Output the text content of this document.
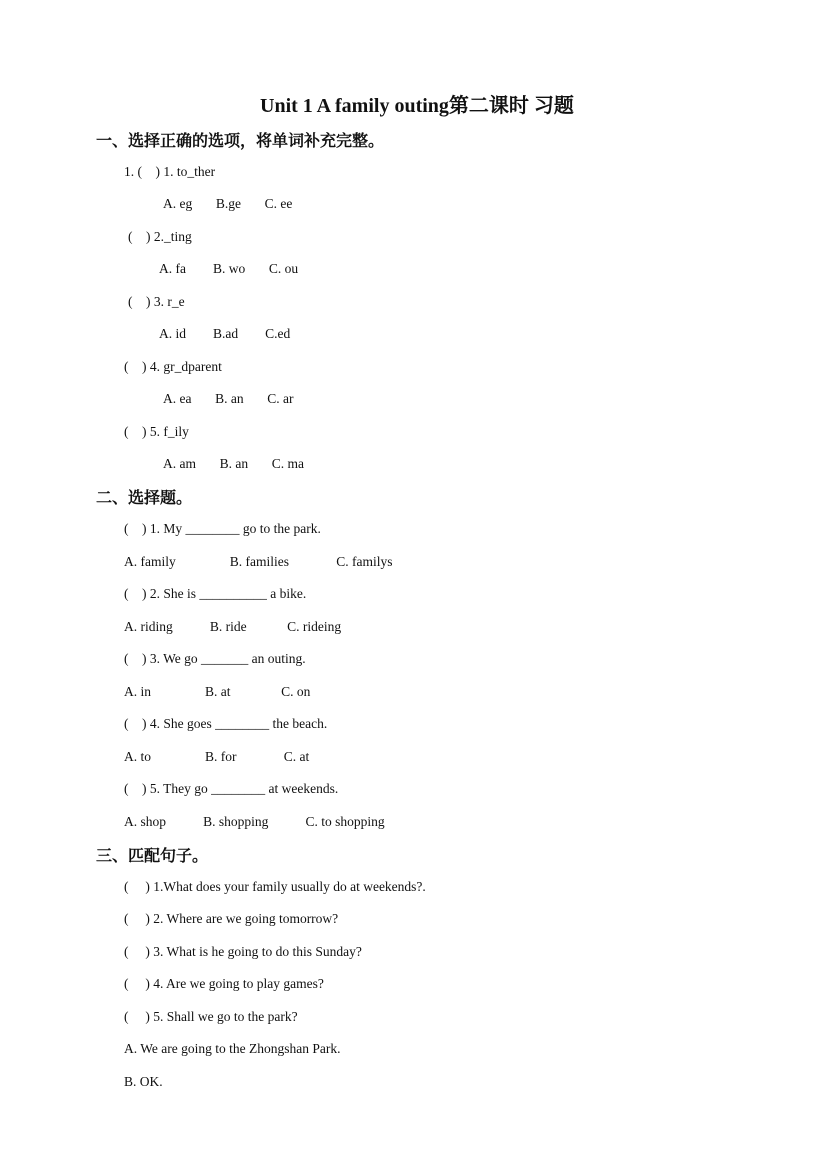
Unit 1 A family outing第二课时 习题
一、选择正确的选项，将单词补充完整。
1. (    ) 1. to_ther
A. eg       B.ge       C. ee
(    ) 2._ting
A. fa        B. wo       C. ou
(    ) 3. r_e
A. id        B.ad        C.ed
(    ) 4. gr_dparent
A. ea       B. an       C. ar
(    ) 5. f_ily
A. am       B. an       C. ma
二、选择题。
(    ) 1. My ________ go to the park.
A. family                B. families              C. familys
(    ) 2. She is __________ a bike.
A. riding           B. ride            C. rideing
(    ) 3. We go _______ an outing.
A. in                B. at               C. on
(    ) 4. She goes ________ the beach.
A. to                B. for              C. at
(    ) 5. They go ________ at weekends.
A. shop           B. shopping           C. to shopping
三、匹配句子。
(     ) 1.What does your family usually do at weekends?.
(     ) 2. Where are we going tomorrow?
(     ) 3. What is he going to do this Sunday?
(     ) 4. Are we going to play games?
(     ) 5. Shall we go to the park?
A. We are going to the Zhongshan Park.
B. OK.
